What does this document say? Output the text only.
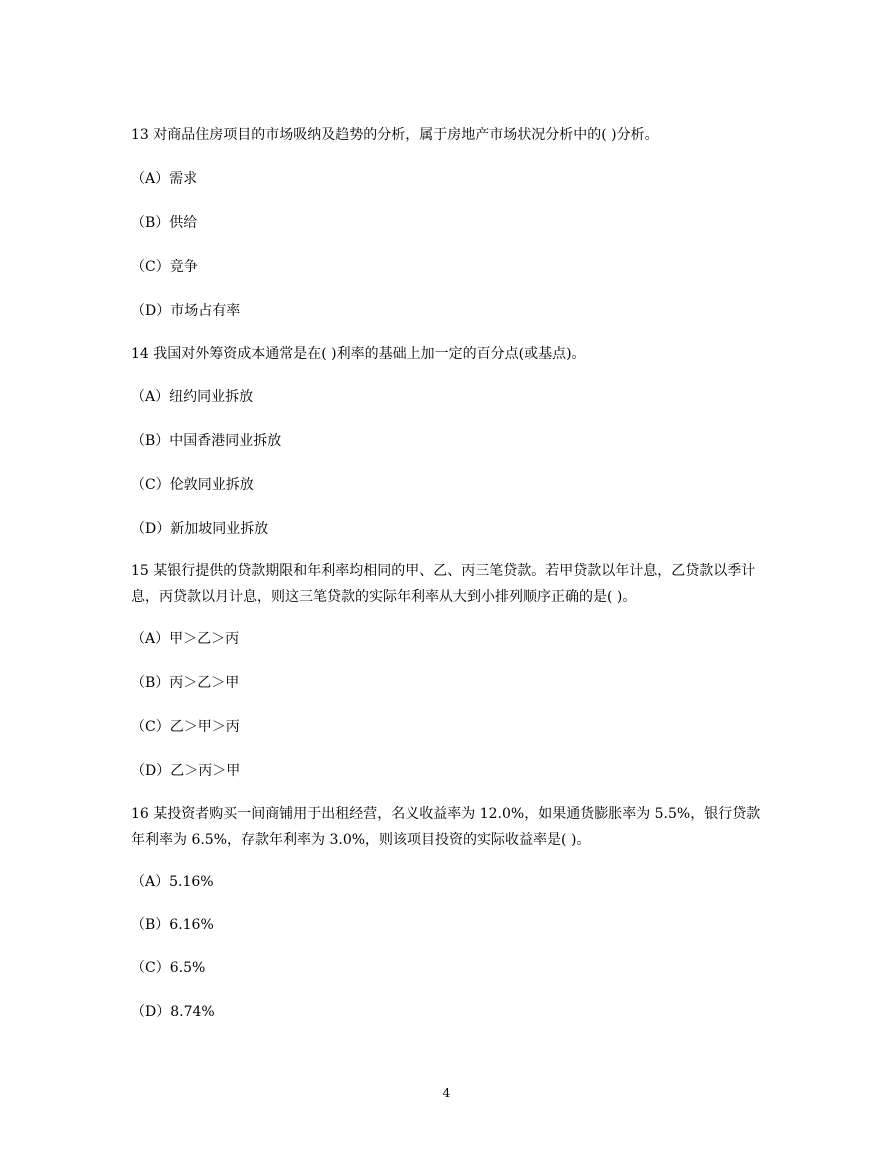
13 对商品住房项目的市场吸纳及趋势的分析，属于房地产市场状况分析中的( )分析。
（A）需求
（B）供给
（C）竞争
（D）市场占有率
14 我国对外筹资成本通常是在( )利率的基础上加一定的百分点(或基点)。
（A）纽约同业拆放
（B）中国香港同业拆放
（C）伦敦同业拆放
（D）新加坡同业拆放
15 某银行提供的贷款期限和年利率均相同的甲、乙、丙三笔贷款。若甲贷款以年计息，乙贷款以季计息，丙贷款以月计息，则这三笔贷款的实际年利率从大到小排列顺序正确的是( )。
（A）甲＞乙＞丙
（B）丙＞乙＞甲
（C）乙＞甲＞丙
（D）乙＞丙＞甲
16 某投资者购买一间商铺用于出租经营，名义收益率为 12.0%，如果通货膨胀率为 5.5%，银行贷款年利率为 6.5%，存款年利率为 3.0%，则该项目投资的实际收益率是( )。
（A）5.16%
（B）6.16%
（C）6.5%
（D）8.74%
4
